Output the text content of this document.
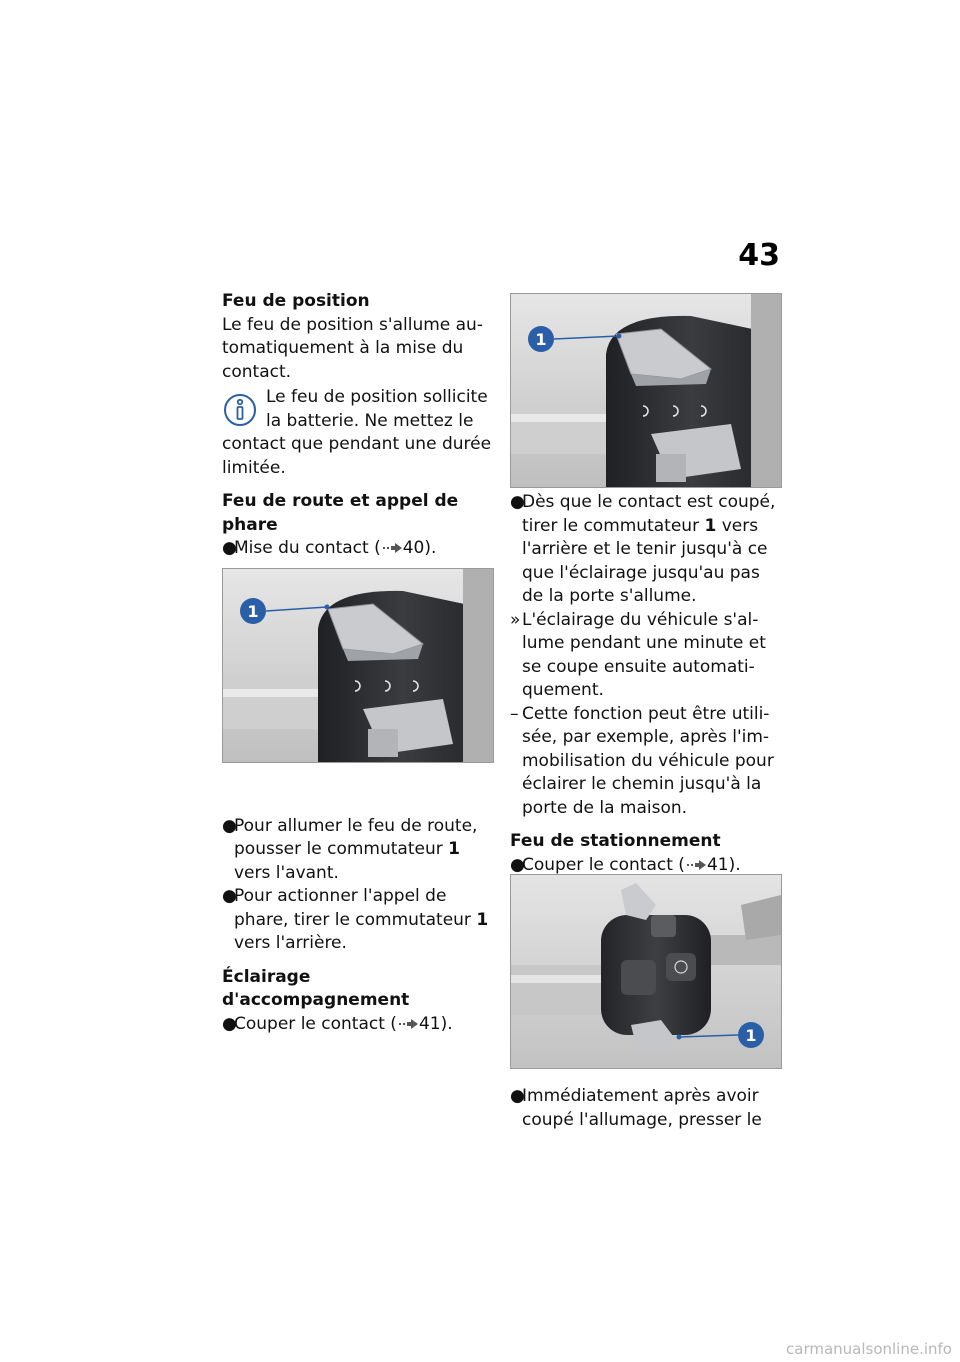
43
Feu de position

Le feu de position s'allume au-tomatiquement à la mise du contact.

Le feu de position sollicite la batterie. Ne mettez le

contact que pendant une durée limitée.

Feu de route et appel de phare
●
Mise du contact ( 40).
●
Pour allumer le feu de route, pousser le commutateur 1 vers l'avant.
●
Pour actionner l'appel de phare, tirer le commutateur 1 vers l'arrière.
Éclairage d'accompagnement
●
Couper le contact ( 41).
1
1
●
Dès que le contact est coupé, tirer le commutateur 1 vers l'arrière et le tenir jusqu'à ce que l'éclairage jusqu'au pas de la porte s'allume.
» L'éclairage du véhicule s'al-lume pendant une minute et se coupe ensuite automati-quement.
– Cette fonction peut être utili-sée, par exemple, après l'im-mobilisation du véhicule pour éclairer le chemin jusqu'à la porte de la maison.
Feu de stationnement
●
Couper le contact ( 41).
●
Immédiatement après avoir coupé l'allumage, presser le
1
carmanualsonline.info
